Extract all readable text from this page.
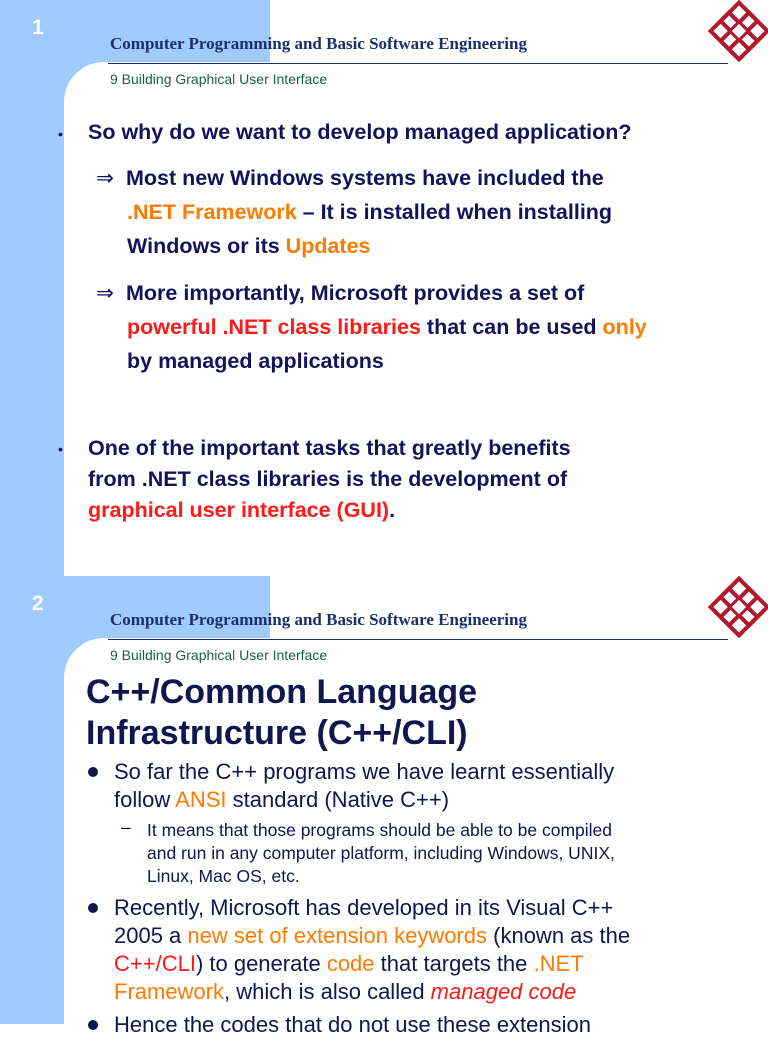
1
Computer Programming and Basic Software Engineering
9 Building Graphical User Interface
• So why do we want to develop managed application?
⇒ Most new Windows systems have included the
.NET Framework – It is installed when installing
Windows or its Updates
⇒ More importantly, Microsoft provides a set of
powerful .NET class libraries that can be used only
by managed applications
• One of the important tasks that greatly benefits
from .NET class libraries is the development of
graphical user interface (GUI).
2
Computer Programming and Basic Software Engineering
9 Building Graphical User Interface
C++/Common Language
Infrastructure (C++/CLI)
So far the C++ programs we have learnt essentially
follow ANSI standard (Native C++)
– It means that those programs should be able to be compiled
and run in any computer platform, including Windows, UNIX,
Linux, Mac OS, etc.
Recently, Microsoft has developed in its Visual C++
2005 a new set of extension keywords (known as the
C++/CLI) to generate code that targets the .NET
Framework, which is also called managed code
Hence the codes that do not use these extension
